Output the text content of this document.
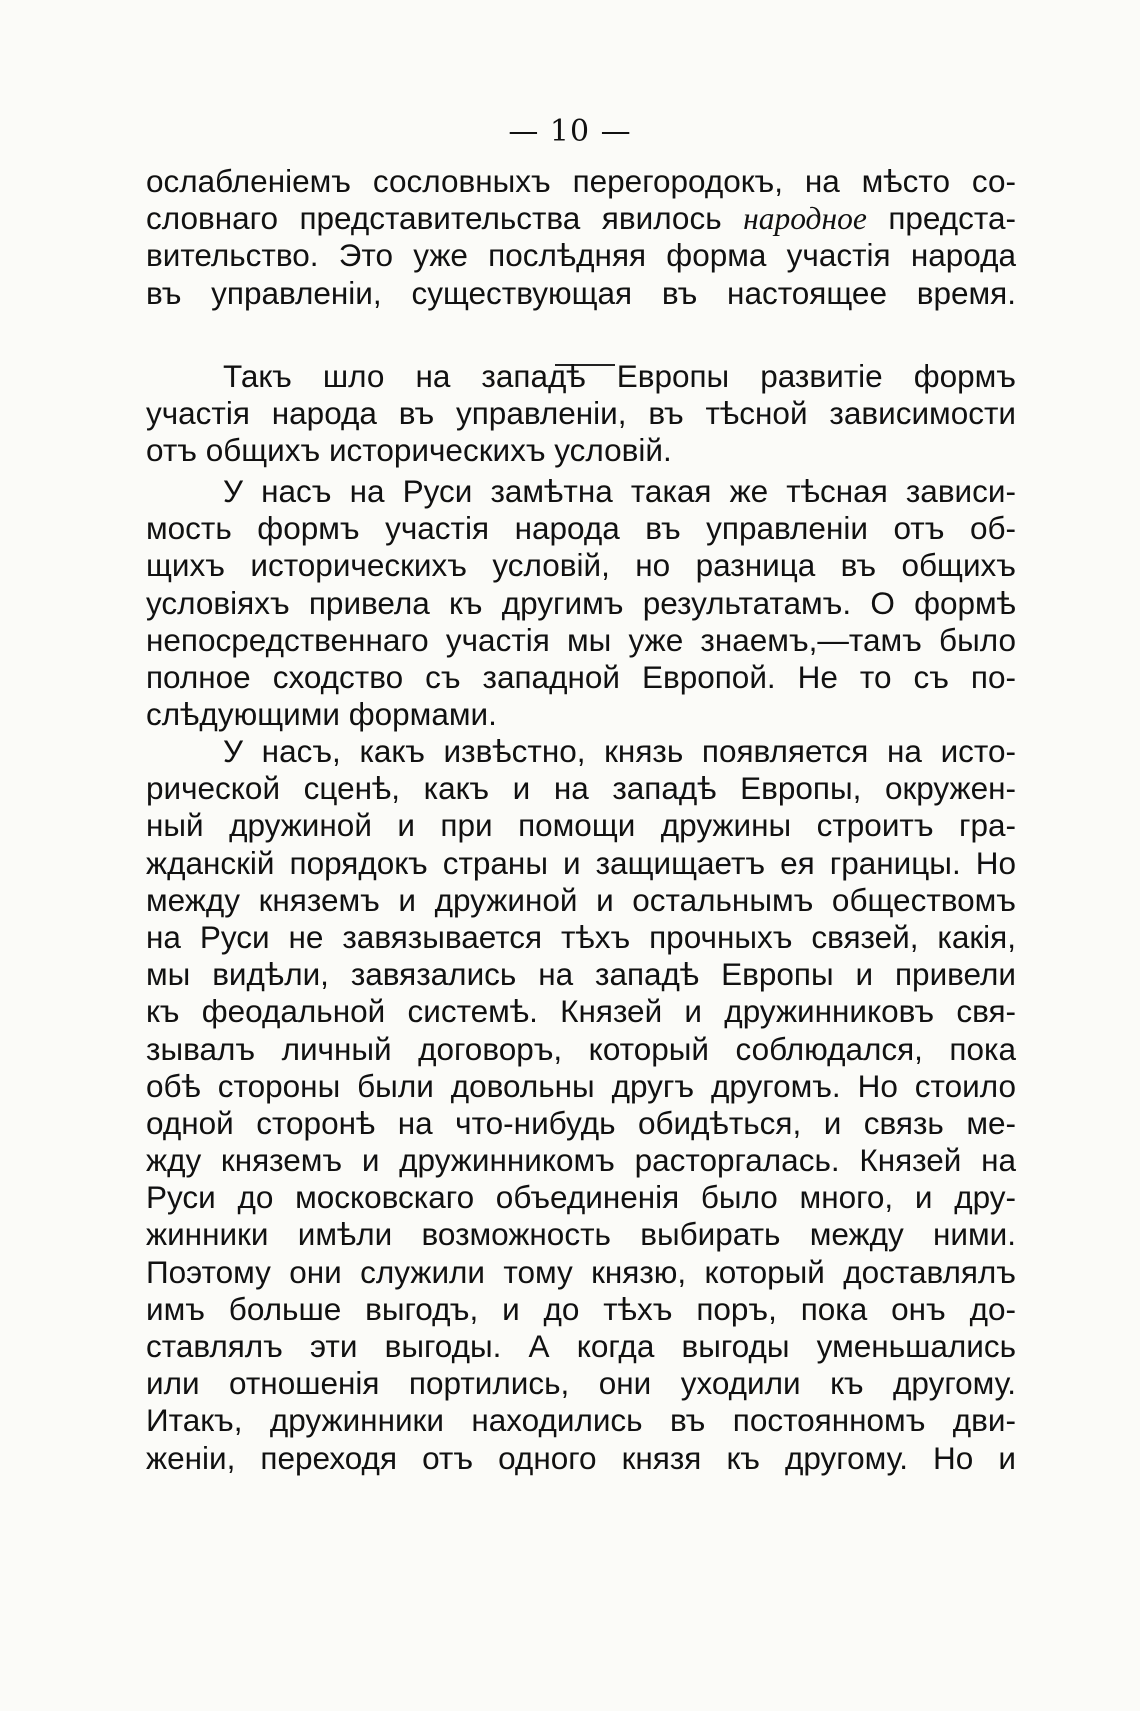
— 10 —
ослабленіемъ сословныхъ перегородокъ, на мѣсто со-
словнаго представительства явилось народное предста-
вительство. Это уже послѣдняя форма участія народа
въ управленіи, существующая въ настоящее время.
Такъ шло на западѣ Европы развитіе формъ
участія народа въ управленіи, въ тѣсной зависимости
отъ общихъ историческихъ условій.
У насъ на Руси замѣтна такая же тѣсная зависи-
мость формъ участія народа въ управленіи отъ об-
щихъ историческихъ условій, но разница въ общихъ
условіяхъ привела къ другимъ результатамъ. О формѣ
непосредственнаго участія мы уже знаемъ,—тамъ было
полное сходство съ западной Европой. Не то съ по-
слѣдующими формами.
У насъ, какъ извѣстно, князь появляется на исто-
рической сценѣ, какъ и на западѣ Европы, окружен-
ный дружиной и при помощи дружины строитъ гра-
жданскій порядокъ страны и защищаетъ ея границы. Но
между княземъ и дружиной и остальнымъ обществомъ
на Руси не завязывается тѣхъ прочныхъ связей, какія,
мы видѣли, завязались на западѣ Европы и привели
къ феодальной системѣ. Князей и дружинниковъ свя-
зывалъ личный договоръ, который соблюдался, пока
обѣ стороны были довольны другъ другомъ. Но стоило
одной сторонѣ на что-нибудь обидѣться, и связь ме-
жду княземъ и дружинникомъ расторгалась. Князей на
Руси до московскаго объединенія было много, и дру-
жинники имѣли возможность выбирать между ними.
Поэтому они служили тому князю, который доставлялъ
имъ больше выгодъ, и до тѣхъ поръ, пока онъ до-
ставлялъ эти выгоды. А когда выгоды уменьшались
или отношенія портились, они уходили къ другому.
Итакъ, дружинники находились въ постоянномъ дви-
женіи, переходя отъ одного князя къ другому. Но и
